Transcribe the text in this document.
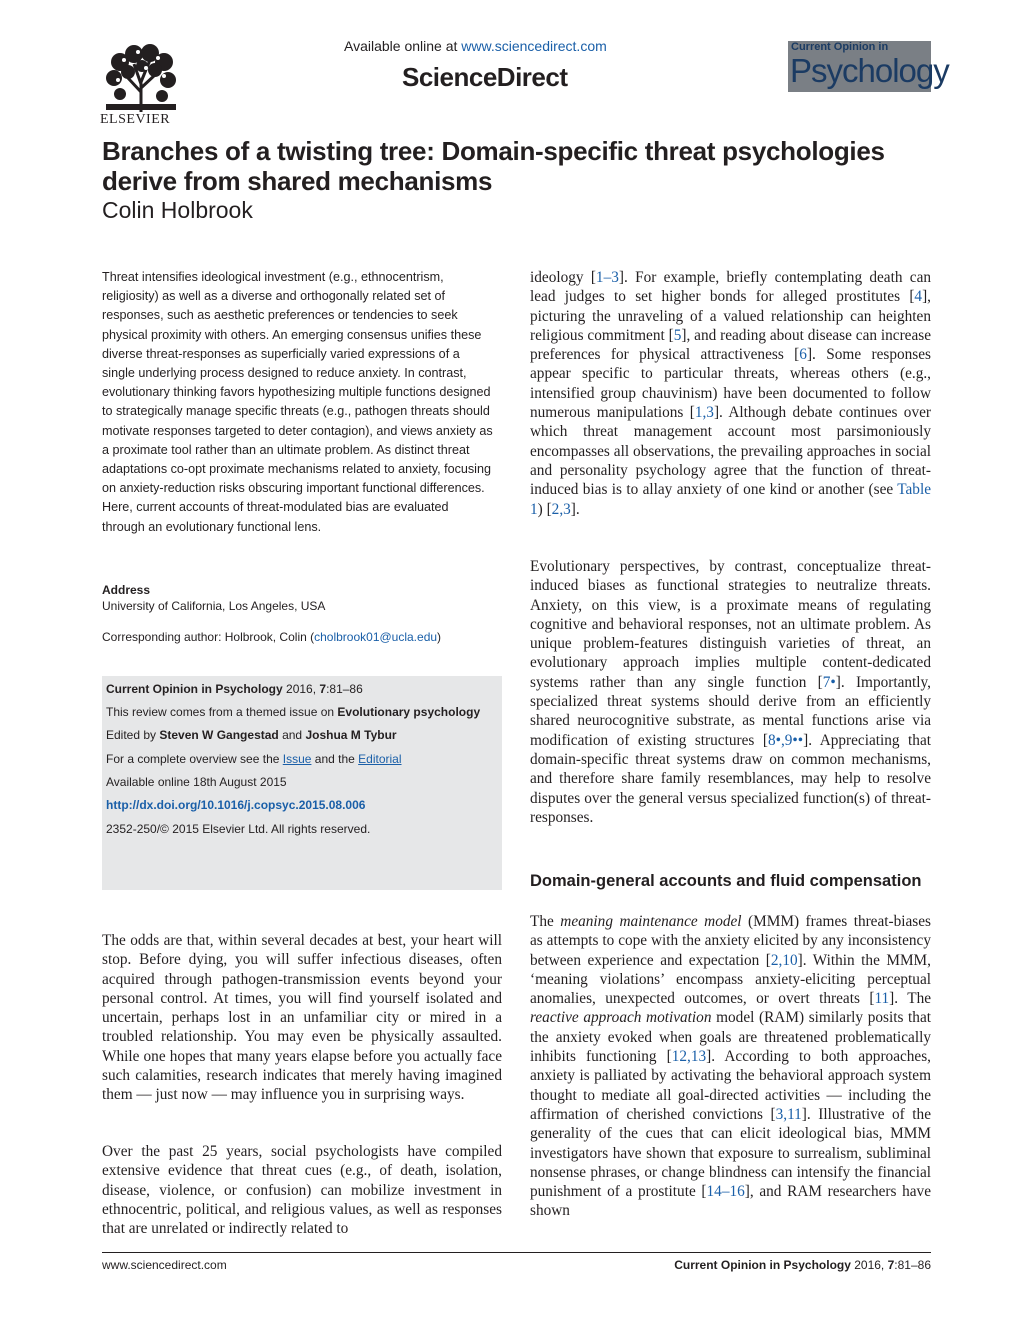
ELSEVIER
Available online at www.sciencedirect.com
ScienceDirect
Current Opinion in
Psychology
Branches of a twisting tree: Domain-specific threat psychologies derive from shared mechanisms
Colin Holbrook
Threat intensifies ideological investment (e.g., ethnocentrism, religiosity) as well as a diverse and orthogonally related set of responses, such as aesthetic preferences or tendencies to seek physical proximity with others. An emerging consensus unifies these diverse threat-responses as superficially varied expressions of a single underlying process designed to reduce anxiety. In contrast, evolutionary thinking favors hypothesizing multiple functions designed to strategically manage specific threats (e.g., pathogen threats should motivate responses targeted to deter contagion), and views anxiety as a proximate tool rather than an ultimate problem. As distinct threat adaptations co-opt proximate mechanisms related to anxiety, focusing on anxiety-reduction risks obscuring important functional differences. Here, current accounts of threat-modulated bias are evaluated through an evolutionary functional lens.
Address
University of California, Los Angeles, USA
Corresponding author: Holbrook, Colin (cholbrook01@ucla.edu)
Current Opinion in Psychology 2016, 7:81–86
This review comes from a themed issue on Evolutionary psychology
Edited by Steven W Gangestad and Joshua M Tybur
For a complete overview see the Issue and the Editorial
Available online 18th August 2015
http://dx.doi.org/10.1016/j.copsyc.2015.08.006
2352-250/© 2015 Elsevier Ltd. All rights reserved.
The odds are that, within several decades at best, your heart will stop. Before dying, you will suffer infectious diseases, often acquired through pathogen-transmission events beyond your personal control. At times, you will find yourself isolated and uncertain, perhaps lost in an unfamiliar city or mired in a troubled relationship. You may even be physically assaulted. While one hopes that many years elapse before you actually face such calamities, research indicates that merely having imagined them — just now — may influence you in surprising ways.
Over the past 25 years, social psychologists have compiled extensive evidence that threat cues (e.g., of death, isolation, disease, violence, or confusion) can mobilize investment in ethnocentric, political, and religious values, as well as responses that are unrelated or indirectly related to
ideology [1–3]. For example, briefly contemplating death can lead judges to set higher bonds for alleged prostitutes [4], picturing the unraveling of a valued relationship can heighten religious commitment [5], and reading about disease can increase preferences for physical attractiveness [6]. Some responses appear specific to particular threats, whereas others (e.g., intensified group chauvinism) have been documented to follow numerous manipulations [1,3]. Although debate continues over which threat management account most parsimoniously encompasses all observations, the prevailing approaches in social and personality psychology agree that the function of threat-induced bias is to allay anxiety of one kind or another (see Table 1) [2,3].
Evolutionary perspectives, by contrast, conceptualize threat-induced biases as functional strategies to neutralize threats. Anxiety, on this view, is a proximate means of regulating cognitive and behavioral responses, not an ultimate problem. As unique problem-features distinguish varieties of threat, an evolutionary approach implies multiple content-dedicated systems rather than any single function [7•]. Importantly, specialized threat systems should derive from an efficiently shared neurocognitive substrate, as mental functions arise via modification of existing structures [8•,9••]. Appreciating that domain-specific threat systems draw on common mechanisms, and therefore share family resemblances, may help to resolve disputes over the general versus specialized function(s) of threat-responses.
Domain-general accounts and fluid compensation
The meaning maintenance model (MMM) frames threat-biases as attempts to cope with the anxiety elicited by any inconsistency between experience and expectation [2,10]. Within the MMM, ‘meaning violations’ encompass anxiety-eliciting perceptual anomalies, unexpected outcomes, or overt threats [11]. The reactive approach motivation model (RAM) similarly posits that the anxiety evoked when goals are threatened problematically inhibits functioning [12,13]. According to both approaches, anxiety is palliated by activating the behavioral approach system thought to mediate all goal-directed activities — including the affirmation of cherished convictions [3,11]. Illustrative of the generality of the cues that can elicit ideological bias, MMM investigators have shown that exposure to surrealism, subliminal nonsense phrases, or change blindness can intensify the financial punishment of a prostitute [14–16], and RAM researchers have shown
www.sciencedirect.com	Current Opinion in Psychology 2016, 7:81–86
